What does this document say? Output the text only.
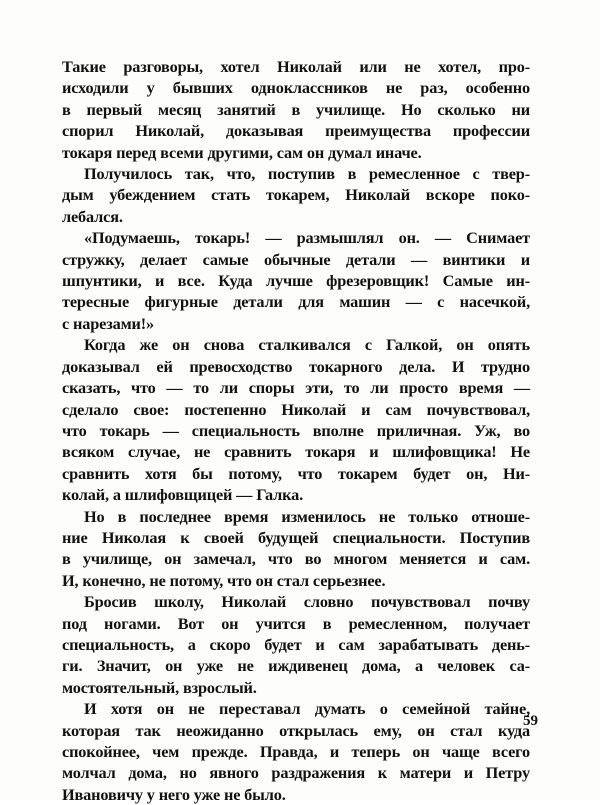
Такие разговоры, хотел Николай или не хотел, про-
исходили у бывших одноклассников не раз, особенно
в первый месяц занятий в училище. Но сколько ни
спорил Николай, доказывая преимущества профессии
токаря перед всеми другими, сам он думал иначе.
Получилось так, что, поступив в ремесленное с твер-
дым убеждением стать токарем, Николай вскоре поко-
лебался.
«Подумаешь, токарь! — размышлял он. — Снимает
стружку, делает самые обычные детали — винтики и
шпунтики, и все. Куда лучше фрезеровщик! Самые ин-
тересные фигурные детали для машин — с насечкой,
с нарезами!»
Когда же он снова сталкивался с Галкой, он опять
доказывал ей превосходство токарного дела. И трудно
сказать, что — то ли споры эти, то ли просто время —
сделало свое: постепенно Николай и сам почувствовал,
что токарь — специальность вполне приличная. Уж, во
всяком случае, не сравнить токаря и шлифовщика! Не
сравнить хотя бы потому, что токарем будет он, Ни-
колай, а шлифовщицей — Галка.
Но в последнее время изменилось не только отноше-
ние Николая к своей будущей специальности. Поступив
в училище, он замечал, что во многом меняется и сам.
И, конечно, не потому, что он стал серьезнее.
Бросив школу, Николай словно почувствовал почву
под ногами. Вот он учится в ремесленном, получает
специальность, а скоро будет и сам зарабатывать день-
ги. Значит, он уже не иждивенец дома, а человек са-
мостоятельный, взрослый.
И хотя он не переставал думать о семейной тайне,
которая так неожиданно открылась ему, он стал куда
спокойнее, чем прежде. Правда, и теперь он чаще всего
молчал дома, но явного раздражения к матери и Петру
Ивановичу у него уже не было.
59
